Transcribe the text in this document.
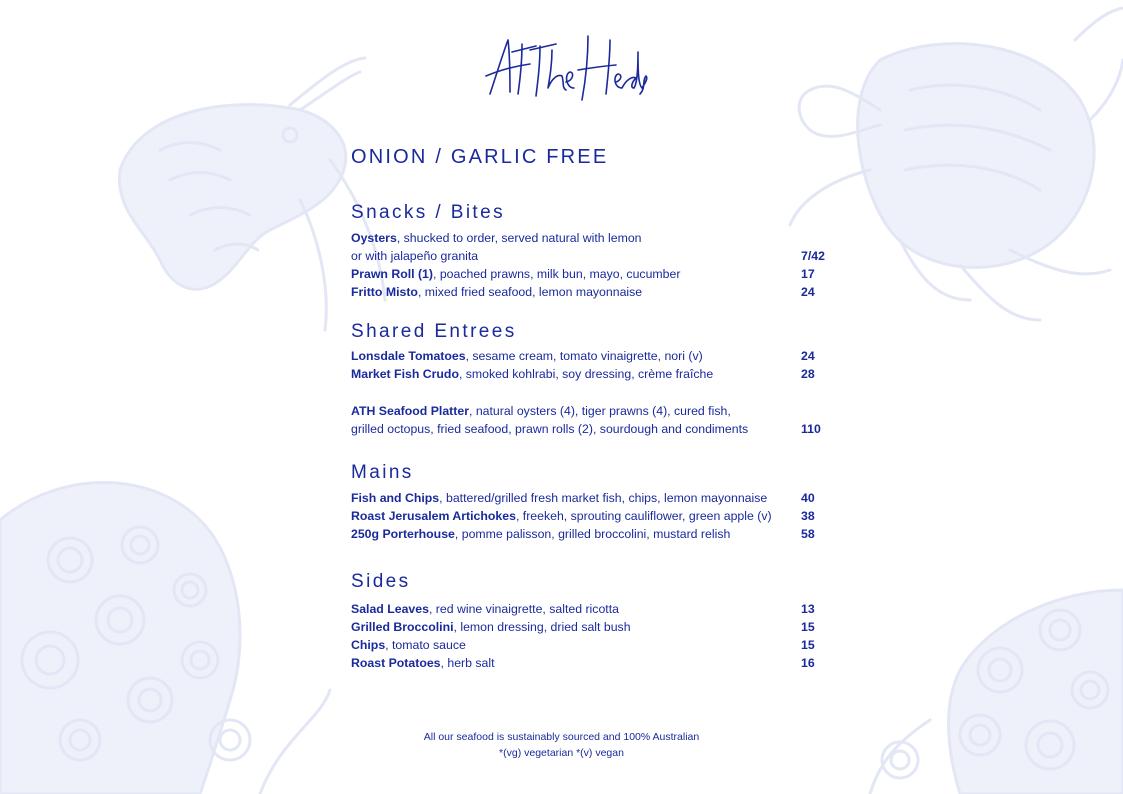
ONION / GARLIC FREE
Snacks / Bites
Oysters, shucked to order, served natural with lemon
or with jalapeño granita	7/42
Prawn Roll (1), poached prawns, milk bun, mayo, cucumber	17
Fritto Misto, mixed fried seafood, lemon mayonnaise	24
Shared Entrees
Lonsdale Tomatoes, sesame cream, tomato vinaigrette, nori (v)	24
Market Fish Crudo, smoked kohlrabi, soy dressing, crème fraîche	28
ATH Seafood Platter, natural oysters (4), tiger prawns (4), cured fish,
grilled octopus, fried seafood, prawn rolls (2), sourdough and condiments	110
Mains
Fish and Chips, battered/grilled fresh market fish, chips, lemon mayonnaise	40
Roast Jerusalem Artichokes, freekeh, sprouting cauliflower, green apple (v)	38
250g Porterhouse, pomme palisson, grilled broccolini, mustard relish	58
Sides
Salad Leaves, red wine vinaigrette, salted ricotta	13
Grilled Broccolini, lemon dressing, dried salt bush	15
Chips, tomato sauce	15
Roast Potatoes, herb salt	16
All our seafood is sustainably sourced and 100% Australian
*(vg) vegetarian *(v) vegan
